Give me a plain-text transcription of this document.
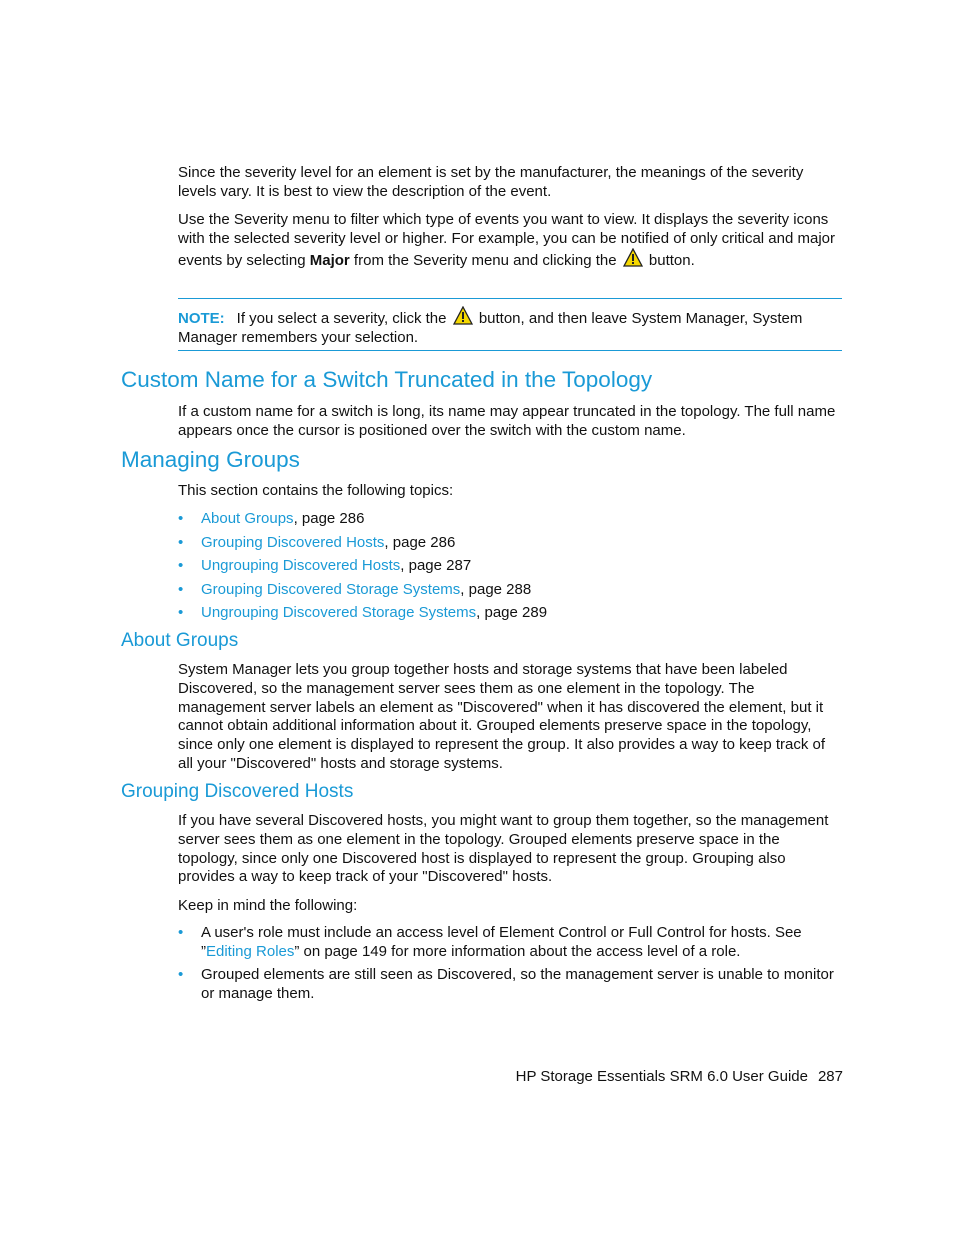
Since the severity level for an element is set by the manufacturer, the meanings of the severity levels vary. It is best to view the description of the event.
Use the Severity menu to filter which type of events you want to view. It displays the severity icons with the selected severity level or higher. For example, you can be notified of only critical and major events by selecting Major from the Severity menu and clicking the  button.
NOTE: If you select a severity, click the  button, and then leave System Manager, System Manager remembers your selection.
Custom Name for a Switch Truncated in the Topology
If a custom name for a switch is long, its name may appear truncated in the topology. The full name appears once the cursor is positioned over the switch with the custom name.
Managing Groups
This section contains the following topics:
• About Groups, page 286
• Grouping Discovered Hosts, page 286
• Ungrouping Discovered Hosts, page 287
• Grouping Discovered Storage Systems, page 288
• Ungrouping Discovered Storage Systems, page 289
About Groups
System Manager lets you group together hosts and storage systems that have been labeled Discovered, so the management server sees them as one element in the topology. The management server labels an element as "Discovered" when it has discovered the element, but it cannot obtain additional information about it. Grouped elements preserve space in the topology, since only one element is displayed to represent the group. It also provides a way to keep track of all your "Discovered" hosts and storage systems.
Grouping Discovered Hosts
If you have several Discovered hosts, you might want to group them together, so the management server sees them as one element in the topology. Grouped elements preserve space in the topology, since only one Discovered host is displayed to represent the group. Grouping also provides a way to keep track of your "Discovered" hosts.
Keep in mind the following:
• A user's role must include an access level of Element Control or Full Control for hosts. See ”Editing Roles” on page 149 for more information about the access level of a role.
• Grouped elements are still seen as Discovered, so the management server is unable to monitor or manage them.
HP Storage Essentials SRM 6.0 User Guide 287
